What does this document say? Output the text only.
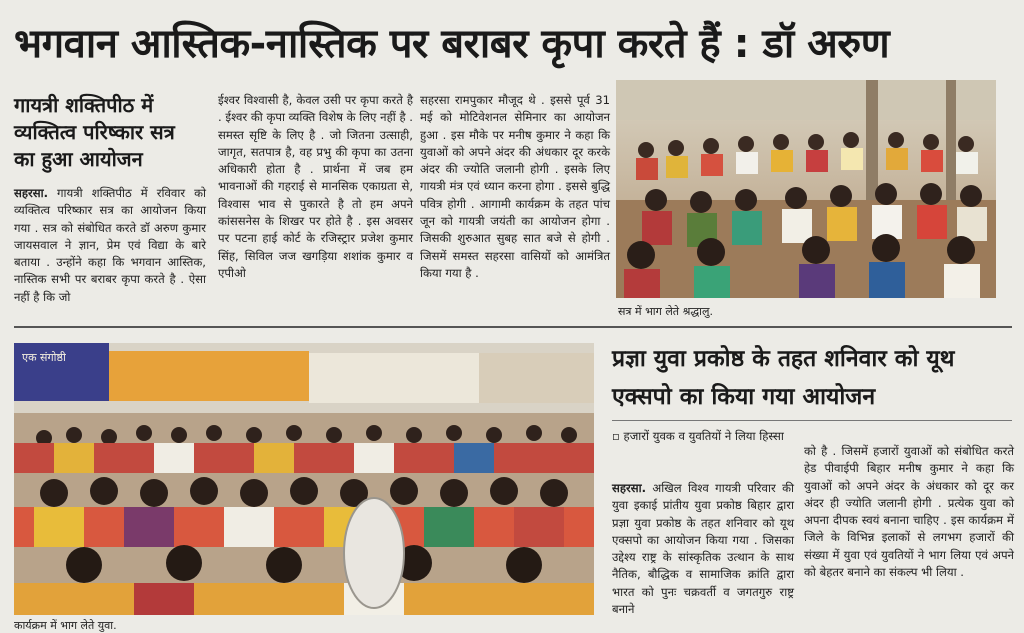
भगवान आस्तिक-नास्तिक पर बराबर कृपा करते हैं : डॉ अरुण
गायत्री शक्तिपीठ में व्यक्तित्व परिष्कार सत्र का हुआ आयोजन
सहरसा. गायत्री शक्तिपीठ में रविवार को व्यक्तित्व परिष्कार सत्र का आयोजन किया गया . सत्र को संबोधित करते डॉ अरुण कुमार जायसवाल ने ज्ञान, प्रेम एवं विद्या के बारे बताया . उन्होंने कहा कि भगवान आस्तिक, नास्तिक सभी पर बराबर कृपा करते है . ऐसा नहीं है कि जो
ईश्वर विश्वासी है, केवल उसी पर कृपा करते है . ईश्वर की कृपा व्यक्ति विशेष के लिए नहीं है . समस्त सृष्टि के लिए है . जो जितना उत्साही, जागृत, सतपात्र है, वह प्रभु की कृपा का उतना अधिकारी होता है . प्रार्थना में जब हम भावनाओं की गहराई से मानसिक एकाग्रता से, विश्वास भाव से पुकारते है तो हम अपने कांससनेस के शिखर पर होते है . इस अवसर पर पटना हाई कोर्ट के रजिस्ट्रार प्रजेश कुमार सिंह, सिविल जज खगड़िया शशांक कुमार व एपीओ
सहरसा रामपुकार मौजूद थे . इससे पूर्व 31 मई को मोटिवेशनल सेमिनार का आयोजन हुआ . इस मौके पर मनीष कुमार ने कहा कि युवाओं को अपने अंदर की अंधकार दूर करके अंदर की ज्योति जलानी होगी . इसके लिए गायत्री मंत्र एवं ध्यान करना होगा . इससे बुद्धि पवित्र होगी . आगामी कार्यक्रम के तहत पांच जून को गायत्री जयंती का आयोजन होगा . जिसकी शुरुआत सुबह सात बजे से होगी . जिसमें समस्त सहरसा वासियों को आमंत्रित किया गया है .
सत्र में भाग लेते श्रद्धालु.
एक संगोष्ठी
कार्यक्रम में भाग लेते युवा.
प्रज्ञा युवा प्रकोष्ठ के तहत शनिवार को यूथ एक्सपो का किया गया आयोजन
▫ हजारों युवक व युवतियों ने लिया हिस्सा
सहरसा. अखिल विश्व गायत्री परिवार की युवा इकाई प्रांतीय युवा प्रकोष्ठ बिहार द्वारा प्रज्ञा युवा प्रकोष्ठ के तहत शनिवार को यूथ एक्सपो का आयोजन किया गया . जिसका उद्देश्य राष्ट्र के सांस्कृतिक उत्थान के साथ नैतिक, बौद्धिक व सामाजिक क्रांति द्वारा भारत को पुनः चक्रवर्ती व जगतगुरु राष्ट्र बनाने
को है . जिसमें हजारों युवाओं को संबोधित करते हेड पीवाईपी बिहार मनीष कुमार ने कहा कि युवाओं को अपने अंदर के अंधकार को दूर कर अंदर ही ज्योति जलानी होगी . प्रत्येक युवा को अपना दीपक स्वयं बनाना चाहिए . इस कार्यक्रम में जिले के विभिन्न इलाकों से लगभग हजारों की संख्या में युवा एवं युवतियों ने भाग लिया एवं अपने को बेहतर बनाने का संकल्प भी लिया .
